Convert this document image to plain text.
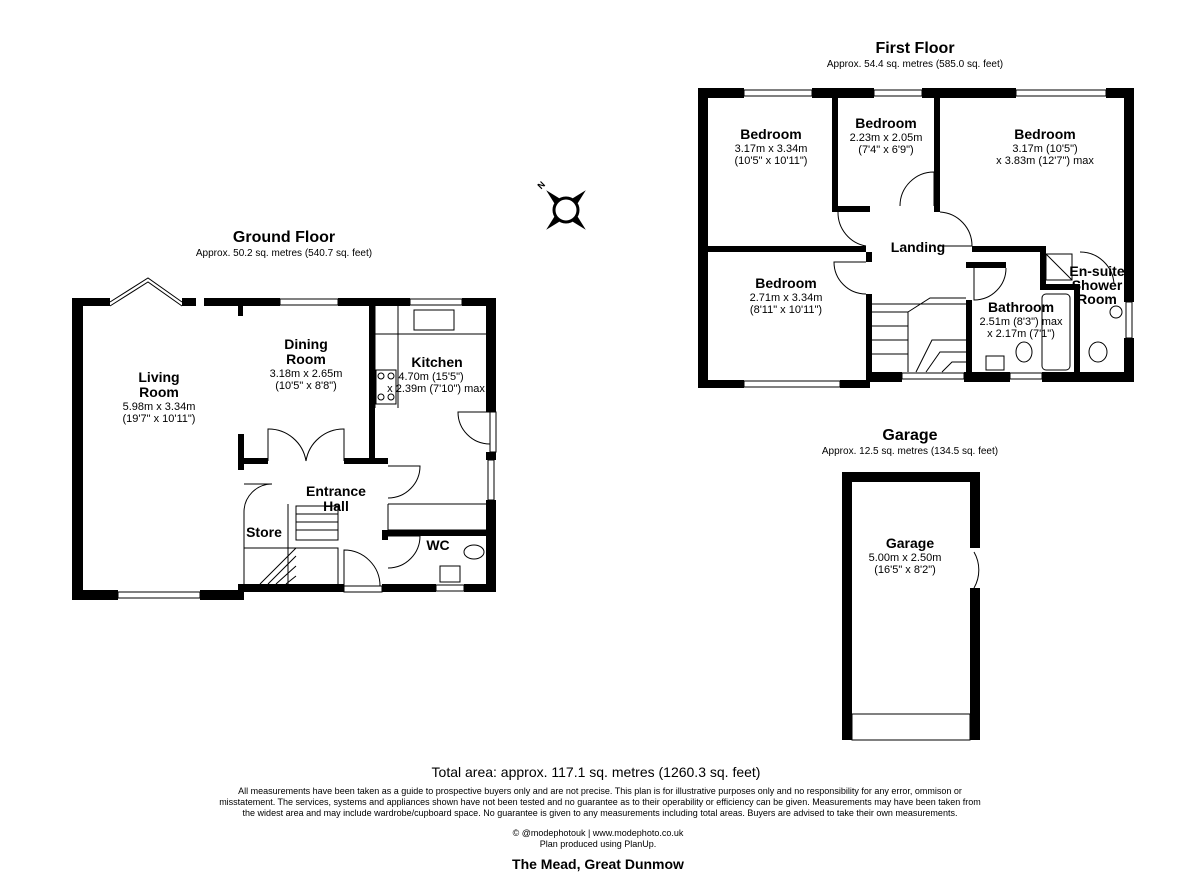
Ground Floor
Approx. 50.2 sq. metres (540.7 sq. feet)
N
First Floor
Approx. 54.4 sq. metres (585.0 sq. feet)
Garage
Approx. 12.5 sq. metres (134.5 sq. feet)
Living
Room
5.98m x 3.34m
(19'7" x 10'11")
Dining
Room
3.18m x 2.65m
(10'5" x 8'8")
Kitchen
4.70m (15'5")
x 2.39m (7'10") max
Entrance
Hall
Store
WC
Bedroom
3.17m x 3.34m
(10'5" x 10'11")
Bedroom
2.23m x 2.05m
(7'4" x 6'9")
Bedroom
3.17m (10'5")
x 3.83m (12'7") max
Bedroom
2.71m x 3.34m
(8'11" x 10'11")
Landing
Bathroom
2.51m (8'3") max
x 2.17m (7'1")
En-suite
Shower
Room
Garage
5.00m x 2.50m
(16'5" x 8'2")
Total area: approx. 117.1 sq. metres (1260.3 sq. feet)
All measurements have been taken as a guide to prospective buyers only and are not precise. This plan is for illustrative purposes only and no responsibility for any error, ommison or
misstatement. The services, systems and appliances shown have not been tested and no guarantee as to their operability or efficiency can be given. Measurements may have been taken from
the widest area and may include wardrobe/cupboard space. No guarantee is given to any measurements including total areas. Buyers are advised to take their own measurements.
© @modephotouk | www.modephoto.co.uk
Plan produced using PlanUp.
The Mead, Great Dunmow
